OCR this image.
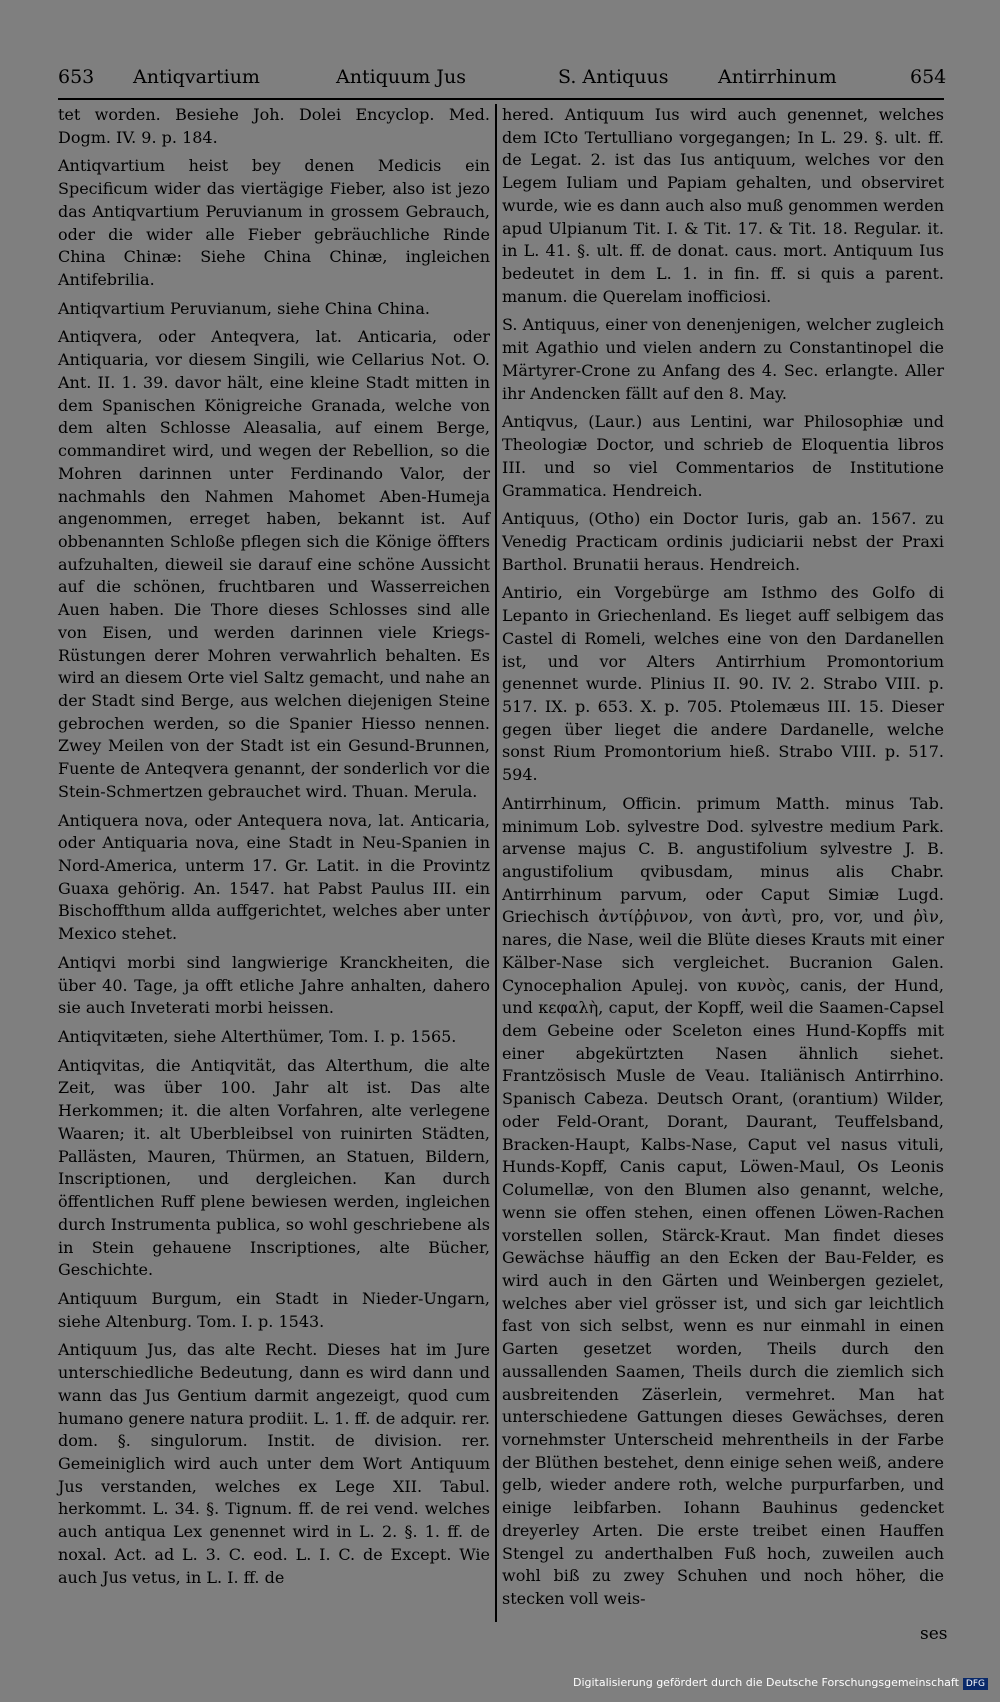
653 Antiqvartium	Antiquum Jus	S. Antiquus	Antirrhinum	654

tet worden. Besiehe Joh. Dolei Encyclop. Med. Dogm. IV. 9. p. 184.

Antiqvartium heist bey denen Medicis ein Specificum wider das viertägige Fieber, also ist jezo das Antiqvartium Peruvianum in grossem Gebrauch, oder die wider alle Fieber gebräuchliche Rinde China Chinæ: Siehe China Chinæ, ingleichen Antifebrilia.

Antiqvartium Peruvianum, siehe China China.

Antiqvera, oder Anteqvera, lat. Anticaria, oder Antiquaria, vor diesem Singili, wie Cellarius Not. O. Ant. II. 1. 39. davor hält, eine kleine Stadt mitten in dem Spanischen Königreiche Granada, welche von dem alten Schlosse Aleasalia, auf einem Berge, commandiret wird, und wegen der Rebellion, so die Mohren darinnen unter Ferdinando Valor, der nachmahls den Nahmen Mahomet Aben-Humeja angenommen, erreget haben, bekannt ist. Auf obbenannten Schloße pflegen sich die Könige öffters aufzuhalten, dieweil sie darauf eine schöne Aussicht auf die schönen, fruchtbaren und Wasserreichen Auen haben. Die Thore dieses Schlosses sind alle von Eisen, und werden darinnen viele Kriegs-Rüstungen derer Mohren verwahrlich behalten. Es wird an diesem Orte viel Saltz gemacht, und nahe an der Stadt sind Berge, aus welchen diejenigen Steine gebrochen werden, so die Spanier Hiesso nennen. Zwey Meilen von der Stadt ist ein Gesund-Brunnen, Fuente de Anteqvera genannt, der sonderlich vor die Stein-Schmertzen gebrauchet wird. Thuan. Merula.

Antiquera nova, oder Antequera nova, lat. Anticaria, oder Antiquaria nova, eine Stadt in Neu-Spanien in Nord-America, unterm 17. Gr. Latit. in die Provintz Guaxa gehörig. An. 1547. hat Pabst Paulus III. ein Bischoffthum allda auffgerichtet, welches aber unter Mexico stehet.

Antiqvi morbi sind langwierige Kranckheiten, die über 40. Tage, ja offt etliche Jahre anhalten, dahero sie auch Inveterati morbi heissen.

Antiqvitæten, siehe Alterthümer, Tom. I. p. 1565.

Antiqvitas, die Antiqvität, das Alterthum, die alte Zeit, was über 100. Jahr alt ist. Das alte Herkommen; it. die alten Vorfahren, alte verlegene Waaren; it. alt Uberbleibsel von ruinirten Städten, Pallästen, Mauren, Thürmen, an Statuen, Bildern, Inscriptionen, und dergleichen. Kan durch öffentlichen Ruff plene bewiesen werden, ingleichen durch Instrumenta publica, so wohl geschriebene als in Stein gehauene Inscriptiones, alte Bücher, Geschichte.

Antiquum Burgum, ein Stadt in Nieder-Ungarn, siehe Altenburg. Tom. I. p. 1543.

Antiquum Jus, das alte Recht. Dieses hat im Jure unterschiedliche Bedeutung, dann es wird dann und wann das Jus Gentium darmit angezeigt, quod cum humano genere natura prodiit. L. 1. ff. de adquir. rer. dom. §. singulorum. Instit. de division. rer. Gemeiniglich wird auch unter dem Wort Antiquum Jus verstanden, welches ex Lege XII. Tabul. herkommt. L. 34. §. Tignum. ff. de rei vend. welches auch antiqua Lex genennet wird in L. 2. §. 1. ff. de noxal. Act. ad L. 3. C. eod. L. I. C. de Except. Wie auch Jus vetus, in L. I. ff. de

hered. Antiquum Ius wird auch genennet, welches dem ICto Tertulliano vorgegangen; In L. 29. §. ult. ff. de Legat. 2. ist das Ius antiquum, welches vor den Legem Iuliam und Papiam gehalten, und observiret wurde, wie es dann auch also muß genommen werden apud Ulpianum Tit. I. & Tit. 17. & Tit. 18. Regular. it. in L. 41. §. ult. ff. de donat. caus. mort. Antiquum Ius bedeutet in dem L. 1. in fin. ff. si quis a parent. manum. die Querelam inofficiosi.

S. Antiquus, einer von denenjenigen, welcher zugleich mit Agathio und vielen andern zu Constantinopel die Märtyrer-Crone zu Anfang des 4. Sec. erlangte. Aller ihr Andencken fällt auf den 8. May.

Antiqvus, (Laur.) aus Lentini, war Philosophiæ und Theologiæ Doctor, und schrieb de Eloquentia libros III. und so viel Commentarios de Institutione Grammatica. Hendreich.

Antiquus, (Otho) ein Doctor Iuris, gab an. 1567. zu Venedig Practicam ordinis judiciarii nebst der Praxi Barthol. Brunatii heraus. Hendreich.

Antirio, ein Vorgebürge am Isthmo des Golfo di Lepanto in Griechenland. Es lieget auff selbigem das Castel di Romeli, welches eine von den Dardanellen ist, und vor Alters Antirrhium Promontorium genennet wurde. Plinius II. 90. IV. 2. Strabo VIII. p. 517. IX. p. 653. X. p. 705. Ptolemæus III. 15. Dieser gegen über lieget die andere Dardanelle, welche sonst Rium Promontorium hieß. Strabo VIII. p. 517. 594.

Antirrhinum, Officin. primum Matth. minus Tab. minimum Lob. sylvestre Dod. sylvestre medium Park. arvense majus C. B. angustifolium sylvestre J. B. angustifolium qvibusdam, minus alis Chabr. Antirrhinum parvum, oder Caput Simiæ Lugd. Griechisch ἀντίῤῥινον, von ἀντὶ, pro, vor, und ῥὶν, nares, die Nase, weil die Blüte dieses Krauts mit einer Kälber-Nase sich vergleichet. Bucranion Galen. Cynocephalion Apulej. von κυνὸς, canis, der Hund, und κεφαλὴ, caput, der Kopff, weil die Saamen-Capsel dem Gebeine oder Sceleton eines Hund-Kopffs mit einer abgekürtzten Nasen ähnlich siehet. Frantzösisch Musle de Veau. Italiänisch Antirrhino. Spanisch Cabeza. Deutsch Orant, (orantium) Wilder, oder Feld-Orant, Dorant, Daurant, Teuffelsband, Bracken-Haupt, Kalbs-Nase, Caput vel nasus vituli, Hunds-Kopff, Canis caput, Löwen-Maul, Os Leonis Columellæ, von den Blumen also genannt, welche, wenn sie offen stehen, einen offenen Löwen-Rachen vorstellen sollen, Stärck-Kraut. Man findet dieses Gewächse häuffig an den Ecken der Bau-Felder, es wird auch in den Gärten und Weinbergen gezielet, welches aber viel grösser ist, und sich gar leichtlich fast von sich selbst, wenn es nur einmahl in einen Garten gesetzet worden, Theils durch den aussallenden Saamen, Theils durch die ziemlich sich ausbreitenden Zäserlein, vermehret. Man hat unterschiedene Gattungen dieses Gewächses, deren vornehmster Unterscheid mehrentheils in der Farbe der Blüthen bestehet, denn einige sehen weiß, andere gelb, wieder andere roth, welche purpurfarben, und einige leibfarben. Iohann Bauhinus gedencket dreyerley Arten. Die erste treibet einen Hauffen Stengel zu anderthalben Fuß hoch, zuweilen auch wohl biß zu zwey Schuhen und noch höher, die stecken voll weis-

ses
Digitalisierung gefördert durch die Deutsche Forschungsgemeinschaft DFG
